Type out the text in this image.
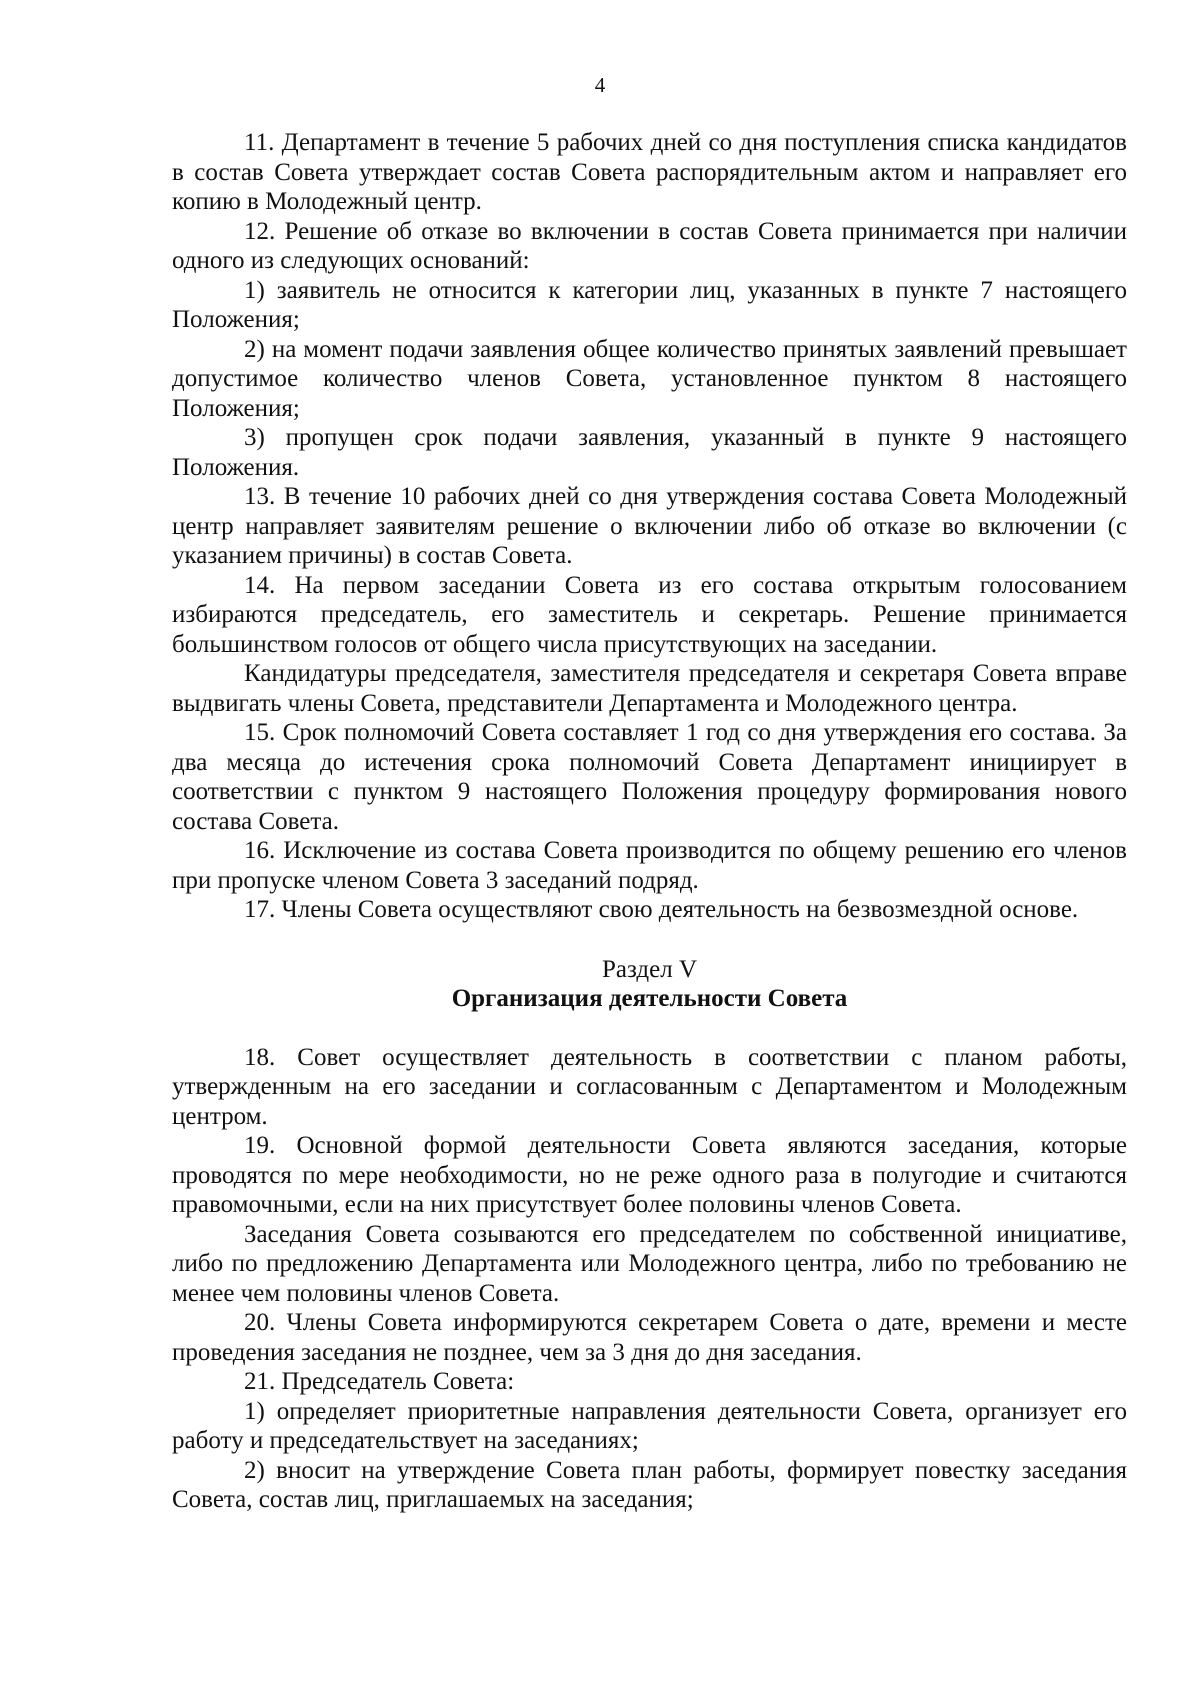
4

11. Департамент в течение 5 рабочих дней со дня поступления списка кандидатов в состав Совета утверждает состав Совета распорядительным актом и направляет его копию в Молодежный центр.

12. Решение об отказе во включении в состав Совета принимается при наличии одного из следующих оснований:

1) заявитель не относится к категории лиц, указанных в пункте 7 настоящего Положения;

2) на момент подачи заявления общее количество принятых заявлений превышает допустимое количество членов Совета, установленное пунктом 8 настоящего Положения;

3) пропущен срок подачи заявления, указанный в пункте 9 настоящего Положения.

13. В течение 10 рабочих дней со дня утверждения состава Совета Молодежный центр направляет заявителям решение о включении либо об отказе во включении (с указанием причины) в состав Совета.

14. На первом заседании Совета из его состава открытым голосованием избираются председатель, его заместитель и секретарь. Решение принимается большинством голосов от общего числа присутствующих на заседании.

Кандидатуры председателя, заместителя председателя и секретаря Совета вправе выдвигать члены Совета, представители Департамента и Молодежного центра.

15. Срок полномочий Совета составляет 1 год со дня утверждения его состава. За два месяца до истечения срока полномочий Совета Департамент инициирует в соответствии с пунктом 9 настоящего Положения процедуру формирования нового состава Совета.

16. Исключение из состава Совета производится по общему решению его членов при пропуске членом Совета 3 заседаний подряд.

17. Члены Совета осуществляют свою деятельность на безвозмездной основе.

Раздел V
Организация деятельности Совета

18. Совет осуществляет деятельность в соответствии с планом работы, утвержденным на его заседании и согласованным с Департаментом и Молодежным центром.

19. Основной формой деятельности Совета являются заседания, которые проводятся по мере необходимости, но не реже одного раза в полугодие и считаются правомочными, если на них присутствует более половины членов Совета.

Заседания Совета созываются его председателем по собственной инициативе, либо по предложению Департамента или Молодежного центра, либо по требованию не менее чем половины членов Совета.

20. Члены Совета информируются секретарем Совета о дате, времени и месте проведения заседания не позднее, чем за 3 дня до дня заседания.

21. Председатель Совета:

1) определяет приоритетные направления деятельности Совета, организует его работу и председательствует на заседаниях;

2) вносит на утверждение Совета план работы, формирует повестку заседания Совета, состав лиц, приглашаемых на заседания;
